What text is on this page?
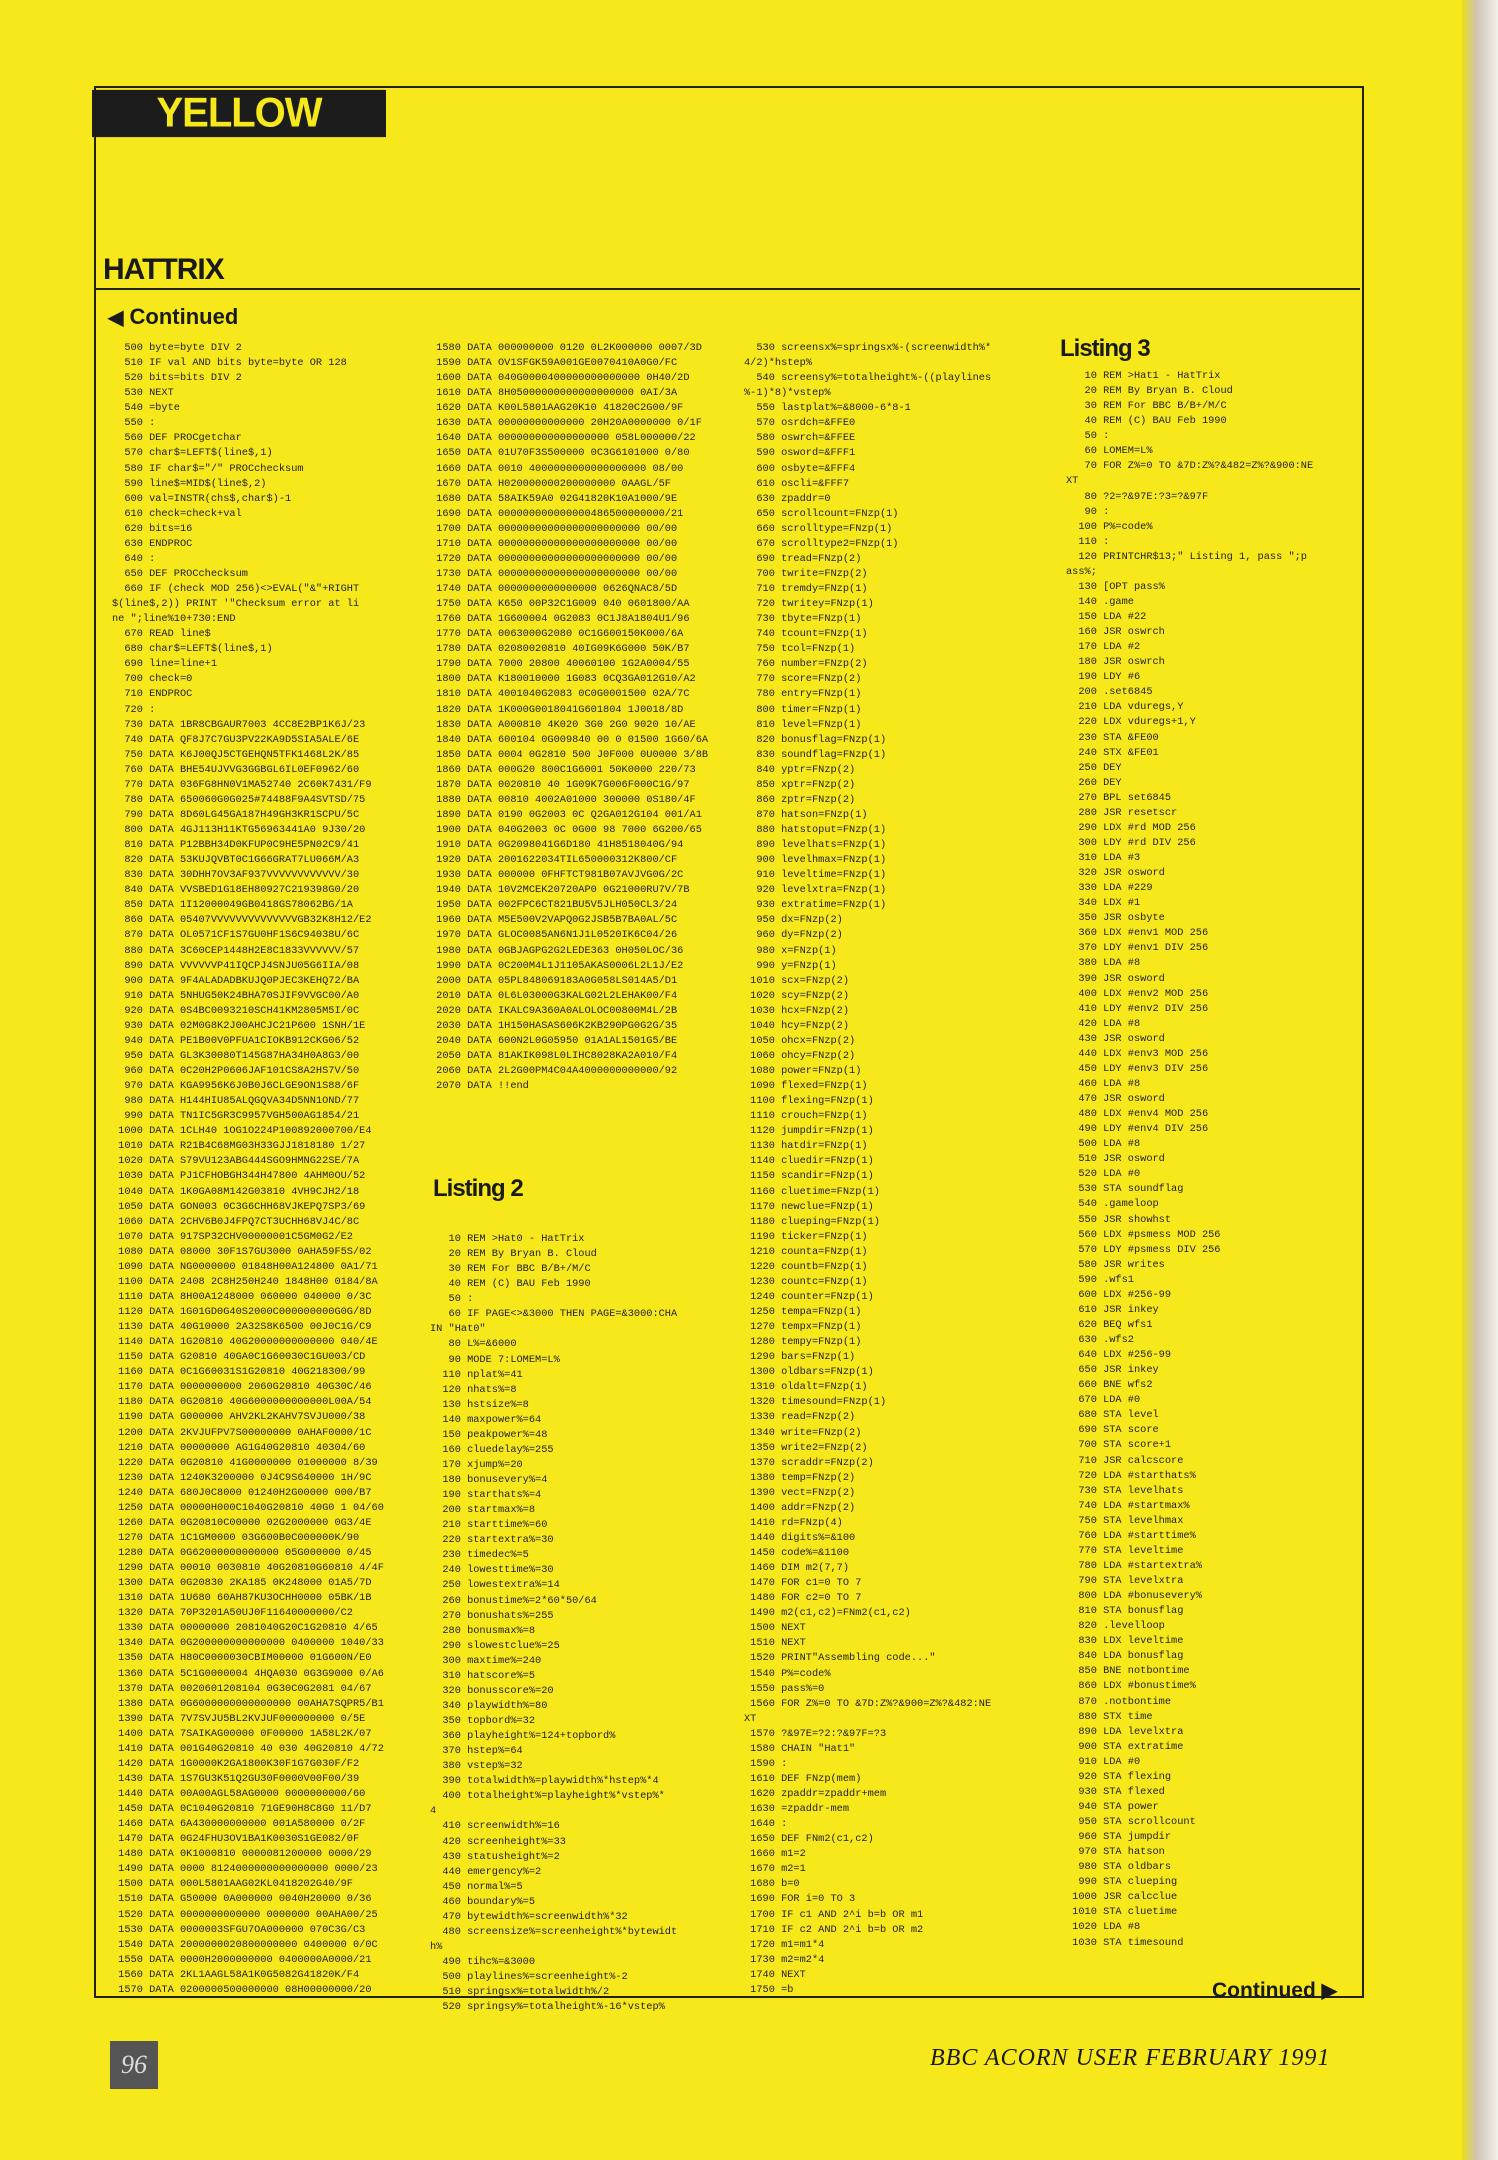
YELLOW PAGES
HATTRIX
◀ Continued
500 byte=byte DIV 2
510 IF val AND bits byte=byte OR 128
520 bits=bits DIV 2
530 NEXT
540 =byte
550 :
560 DEF PROCgetchar
570 char$=LEFT$(line$,1)
580 IF char$="/" PROCchecksum
590 line$=MID$(line$,2)
600 val=INSTR(chs$,char$)-1
610 check=check+val
620 bits=16
630 ENDPROC
640 :
650 DEF PROCchecksum
660 IF (check MOD 256)<>EVAL("&"+RIGHT
$(line$,2)) PRINT '"Checksum error at li
ne ";line%10+730:END
670 READ line$
680 char$=LEFT$(line$,1)
690 line=line+1
700 check=0
710 ENDPROC
720 :
730 DATA 1BR8CBGAUR7003 4CC8E2BP1K6J/23
740 DATA QF8J7C7GU3PV22KA9D5SIA5ALE/6E
750 DATA K6J00QJ5CTGEHQN5TFK1468L2K/85
760 DATA BHE54UJVVG3GGBGL6IL0EF0962/60
770 DATA 036FG8HN0V1MA52740 2C60K7431/F9
780 DATA 650060G0G025#74488F9A4SVTSD/75
790 DATA 8D60LG45GA187H49GH3KR1SCPU/5C
800 DATA 4GJ113H11KTG56963441A0 9J30/20
810 DATA P12BBH34D0KFUP0C9HE5PN02C9/41
820 DATA 53KUJQVBT0C1G66GRAT7LU066M/A3
830 DATA 30DHH7OV3AF937VVVVVVVVVVVV/30
840 DATA VVSBED1G18EH80927C219398G0/20
850 DATA 1I12000049GB0418GS78062BG/1A
860 DATA 05407VVVVVVVVVVVVVVGB32K8H12/E2
870 DATA OL0571CF1S7GU0HF1S6C94038U/6C
880 DATA 3C60CEP1448H2E8C1833VVVVVV/57
890 DATA VVVVVVP41IQCPJ4SNJU05G6IIA/08
900 DATA 9F4ALADADBKUJQ0PJEC3KEHQ72/BA
910 DATA 5NHUG50K24BHA70SJIF9VVGC00/A0
920 DATA 0S4BC0093210SCH41KM2805M5I/0C
930 DATA 02M0G8K2J00AHCJC21P600 1SNH/1E
940 DATA PE1B00V0PFUA1CIOKB912CKG06/52
950 DATA GL3K30080T145G87HA34H0A8G3/00
960 DATA 0C20H2P0606JAF101CS8A2HS7V/50
970 DATA KGA9956K6J0B0J6CLGE9ON1S88/6F
980 DATA H144HIU85ALQGQVA34D5NN1OND/77
990 DATA TN1IC5GR3C9957VGH500AG1854/21
1000 DATA 1CLH40 1OG1O224P100892000700/E4
1010 DATA R21B4C68MG03H33GJJ1818180 1/27
1020 DATA S79VU123ABG444SGO9HMNG22SE/7A
1030 DATA PJ1CFHOBGH344H47800 4AHM0OU/52
1040 DATA 1K0GA08M142G03810 4VH9CJH2/18
1050 DATA GON003 0C3G6CHH68VJKEPQ7SP3/69
1060 DATA 2CHV6B0J4FPQ7CT3UCHH68VJ4C/8C
1070 DATA 917SP32CHV00000001C5GM0G2/E2
1080 DATA 08000 30F1S7GU3000 0AHA59F5S/02
1090 DATA NG0000000 01848H00A124800 0A1/71
1100 DATA 2408 2C8H250H240 1848H00 0184/8A
1110 DATA 8H00A1248000 060000 040000 0/3C
1120 DATA 1G01GD0G40S2000C000000000G0G/8D
1130 DATA 40G10000 2A32S8K6500 00J0C1G/C9
1140 DATA 1G20810 40G20000000000000 040/4E
1150 DATA G20810 40GA0C1G60030C1GU003/CD
1160 DATA 0C1G60031S1G20810 40G218300/99
1170 DATA 0000000000 2060G20810 40G30C/46
1180 DATA 0G20810 40G6000000000000L00A/54
1190 DATA G000000 AHV2KL2KAHV7SVJU000/38
1200 DATA 2KVJUFPV7S00000000 0AHAF0000/1C
1210 DATA 00000000 AG1G40G20810 40304/60
1220 DATA 0G20810 41G0000000 01000000 8/39
1230 DATA 1240K3200000 0J4C9S640000 1H/9C
1240 DATA 680J0C8000 01240H2G00000 000/B7
1250 DATA 00000H000C1040G20810 40G0 1 04/60
1260 DATA 0G20810C00000 02G2000000 0G3/4E
1270 DATA 1C1GM0000 03G600B0C000000K/90
1280 DATA 0G62000000000000 05G000000 0/45
1290 DATA 00010 0030810 40G20810G60810 4/4F
1300 DATA 0G20830 2KA185 0K248000 01A5/7D
1310 DATA 1U680 60AH87KU3OCHH0000 05BK/1B
1320 DATA 70P3201A50UJ0F11640000000/C2
1330 DATA 00000000 2081040G20C1G20810 4/65
1340 DATA 0G200000000000000 0400000 1040/33
1350 DATA H80C0000030CBIM00000 01G600N/E0
1360 DATA 5C1G0000004 4HQA030 0G3G9000 0/A6
1370 DATA 0020601208104 0G30C0G2081 04/67
1380 DATA 0G6000000000000000 00AHA7SQPR5/B1
1390 DATA 7V7SVJU5BL2KVJUF000000000 0/5E
1400 DATA 7SAIKAG00000 0F00000 1A58L2K/07
1410 DATA 001G40G20810 40 030 40G20810 4/72
1420 DATA 1G0000K2GA1800K30F1G7G030F/F2
1430 DATA 1S7GU3K51Q2GU30F0000V00F00/39
1440 DATA 00A00AGL58AG0000 0000000000/60
1450 DATA 0C1040G20810 71GE90H8C8G0 11/D7
1460 DATA 6A430000000000 001A580000 0/2F
1470 DATA 0G24FHU3OV1BA1K0030S1GE082/0F
1480 DATA 0K1000810 0000081200000 0000/29
1490 DATA 0000 8124000000000000000 0000/23
1500 DATA 000L5801AAG02KL0418202G40/9F
1510 DATA G50000 0A000000 0040H20000 0/36
1520 DATA 0000000000000 0000000 00AHA00/25
1530 DATA 0000003SFGU7OA000000 070C3G/C3
1540 DATA 2000000020800000000 0400000 0/0C
1550 DATA 0000H2000000000 0400000A0000/21
1560 DATA 2KL1AAGL58A1K0G5082G41820K/F4
1570 DATA 0200000500000000 08H00000000/20
1580 DATA 000000000 0120 0L2K000000 0007/3D
1590 DATA OV1SFGK59A001GE0070410A0G0/FC
1600 DATA 040G0000400000000000000 0H40/2D
1610 DATA 8H05000000000000000000 0AI/3A
1620 DATA K00L5801AAG20K10 41820C2G00/9F
1630 DATA 00000000000000 20H20A0000000 0/1F
1640 DATA 000000000000000000 058L000000/22
1650 DATA 01U70F3S500000 0C3G6101000 0/80
1660 DATA 0010 4000000000000000000 08/00
1670 DATA H020000000200000000 0AAGL/5F
1680 DATA 58AIK59A0 02G41820K10A1000/9E
1690 DATA 000000000000000486500000000/21
1700 DATA 00000000000000000000000 00/00
1710 DATA 00000000000000000000000 00/00
1720 DATA 00000000000000000000000 00/00
1730 DATA 00000000000000000000000 00/00
1740 DATA 0000000000000000 0626QNAC8/5D
1750 DATA K650 00P32C1G009 040 0601800/AA
1760 DATA 1G600004 0G2083 0C1J8A1804U1/96
1770 DATA 0063000G2080 0C1G600150K000/6A
1780 DATA 02080020810 40IG09K6G000 50K/B7
1790 DATA 7000 20800 40060100 1G2A0004/55
1800 DATA K180010000 1G083 0CQ3GA012G10/A2
1810 DATA 4001040G2083 0C0G0001500 02A/7C
1820 DATA 1K000G0018041G601804 1J0018/8D
1830 DATA A000810 4K020 3G0 2G0 9020 10/AE
1840 DATA 600104 0G009840 00 0 01500 1G60/6A
1850 DATA 0004 0G2810 500 J0F000 0U0000 3/8B
1860 DATA 000G20 800C1G6001 50K0000 220/73
1870 DATA 0020810 40 1G09K7G006F000C1G/97
1880 DATA 00810 4002A01000 300000 0S180/4F
1890 DATA 0190 0G2003 0C Q2GA012G104 001/A1
1900 DATA 040G2003 0C 0G00 98 7000 6G200/65
1910 DATA 0G2098041G6D180 41H8518040G/94
1920 DATA 2001622034TIL650000312K800/CF
1930 DATA 000000 0FHFTCT981B07AVJVG0G/2C
1940 DATA 10V2MCEK20720AP0 0G21000RU7V/7B
1950 DATA 002FPC6CT821BU5V5JLH050CL3/24
1960 DATA M5E500V2VAPQ0G2JSB5B7BA0AL/5C
1970 DATA GLOC0085AN6N1J1L0520IK6C04/26
1980 DATA 0GBJAGPG2G2LEDE363 0H050LOC/36
1990 DATA 0C200M4L1J1105AKAS0006L2L1J/E2
2000 DATA 05PL848069183A0G058LS014A5/D1
2010 DATA 0L6L03000G3KALG02L2LEHAK00/F4
2020 DATA IKALC9A360A0ALOLOC00800M4L/2B
2030 DATA 1H150HASAS606K2KB290PG0G2G/35
2040 DATA 600N2L0G05950 01A1AL1501G5/BE
2050 DATA 81AKIK098L0LIHC8028KA2A010/F4
2060 DATA 2L2G00PM4C04A4000000000000/92
2070 DATA !!end
Listing 2
10 REM >Hat0 - HatTrix
20 REM By Bryan B. Cloud
30 REM For BBC B/B+/M/C
40 REM (C) BAU Feb 1990
50 :
60 IF PAGE<>&3000 THEN PAGE=&3000:CHA
IN "Hat0"
80 L%=&6000
90 MODE 7:LOMEM=L%
110 nplat%=41
120 nhats%=8
130 hstsize%=8
140 maxpower%=64
150 peakpower%=48
160 cluedelay%=255
170 xjump%=20
180 bonusevery%=4
190 starthats%=4
200 startmax%=8
210 starttime%=60
220 startextra%=30
230 timedec%=5
240 lowesttime%=30
250 lowestextra%=14
260 bonustime%=2*60*50/64
270 bonushats%=255
280 bonusmax%=8
290 slowestclue%=25
300 maxtime%=240
310 hatscore%=5
320 bonusscore%=20
340 playwidth%=80
350 topbord%=32
360 playheight%=124+topbord%
370 hstep%=64
380 vstep%=32
390 totalwidth%=playwidth%*hstep%*4
400 totalheight%=playheight%*vstep%*
4
410 screenwidth%=16
420 screenheight%=33
430 statusheight%=2
440 emergency%=2
450 normal%=5
460 boundary%=5
470 bytewidth%=screenwidth%*32
480 screensize%=screenheight%*bytewidt
h%
490 tihc%=&3000
500 playlines%=screenheight%-2
510 springsx%=totalwidth%/2
520 springsy%=totalheight%-16*vstep%
530 screensx%=springsx%-(screenwidth%*
4/2)*hstep%
540 screensy%=totalheight%-((playlines
%-1)*8)*vstep%
550 lastplat%=&8000-6*8-1
570 osrdch=&FFE0
580 oswrch=&FFEE
590 osword=&FFF1
600 osbyte=&FFF4
610 oscli=&FFF7
630 zpaddr=0
650 scrollcount=FNzp(1)
660 scrolltype=FNzp(1)
670 scrolltype2=FNzp(1)
690 tread=FNzp(2)
700 twrite=FNzp(2)
710 tremdy=FNzp(1)
720 twritey=FNzp(1)
730 tbyte=FNzp(1)
740 tcount=FNzp(1)
750 tcol=FNzp(1)
760 number=FNzp(2)
770 score=FNzp(2)
780 entry=FNzp(1)
800 timer=FNzp(1)
810 level=FNzp(1)
820 bonusflag=FNzp(1)
830 soundflag=FNzp(1)
840 yptr=FNzp(2)
850 xptr=FNzp(2)
860 zptr=FNzp(2)
870 hatson=FNzp(1)
880 hatstoput=FNzp(1)
890 levelhats=FNzp(1)
900 levelhmax=FNzp(1)
910 leveltime=FNzp(1)
920 levelxtra=FNzp(1)
930 extratime=FNzp(1)
950 dx=FNzp(2)
960 dy=FNzp(2)
980 x=FNzp(1)
990 y=FNzp(1)
1010 scx=FNzp(2)
1020 scy=FNzp(2)
1030 hcx=FNzp(2)
1040 hcy=FNzp(2)
1050 ohcx=FNzp(2)
1060 ohcy=FNzp(2)
1080 power=FNzp(1)
1090 flexed=FNzp(1)
1100 flexing=FNzp(1)
1110 crouch=FNzp(1)
1120 jumpdir=FNzp(1)
1130 hatdir=FNzp(1)
1140 cluedir=FNzp(1)
1150 scandir=FNzp(1)
1160 cluetime=FNzp(1)
1170 newclue=FNzp(1)
1180 clueping=FNzp(1)
1190 ticker=FNzp(1)
1210 counta=FNzp(1)
1220 countb=FNzp(1)
1230 countc=FNzp(1)
1240 counter=FNzp(1)
1250 tempa=FNzp(1)
1270 tempx=FNzp(1)
1280 tempy=FNzp(1)
1290 bars=FNzp(1)
1300 oldbars=FNzp(1)
1310 oldalt=FNzp(1)
1320 timesound=FNzp(1)
1330 read=FNzp(2)
1340 write=FNzp(2)
1350 write2=FNzp(2)
1370 scraddr=FNzp(2)
1380 temp=FNzp(2)
1390 vect=FNzp(2)
1400 addr=FNzp(2)
1410 rd=FNzp(4)
1440 digits%=&100
1450 code%=&1100
1460 DIM m2(7,7)
1470 FOR c1=0 TO 7
1480 FOR c2=0 TO 7
1490 m2(c1,c2)=FNm2(c1,c2)
1500 NEXT
1510 NEXT
1520 PRINT"Assembling code..."
1540 P%=code%
1550 pass%=0
1560 FOR Z%=0 TO &7D:Z%?&900=Z%?&482:NE
XT
1570 ?&97E=?2:?&97F=?3
1580 CHAIN "Hat1"
1590 :
1610 DEF FNzp(mem)
1620 zpaddr=zpaddr+mem
1630 =zpaddr-mem
1640 :
1650 DEF FNm2(c1,c2)
1660 m1=2
1670 m2=1
1680 b=0
1690 FOR i=0 TO 3
1700 IF c1 AND 2^i b=b OR m1
1710 IF c2 AND 2^i b=b OR m2
1720 m1=m1*4
1730 m2=m2*4
1740 NEXT
1750 =b
Listing 3
10 REM >Hat1 - HatTrix
20 REM By Bryan B. Cloud
30 REM For BBC B/B+/M/C
40 REM (C) BAU Feb 1990
50 :
60 LOMEM=L%
70 FOR Z%=0 TO &7D:Z%?&482=Z%?&900:NE
XT
80 ?2=?&97E:?3=?&97F
90 :
100 P%=code%
110 :
120 PRINTCHR$13;" Listing 1, pass ";p
ass%;
130 [OPT pass%
140 .game
150 LDA #22
160 JSR oswrch
170 LDA #2
180 JSR oswrch
190 LDY #6
200 .set6845
210 LDA vduregs,Y
220 LDX vduregs+1,Y
230 STA &FE00
240 STX &FE01
250 DEY
260 DEY
270 BPL set6845
280 JSR resetscr
290 LDX #rd MOD 256
300 LDY #rd DIV 256
310 LDA #3
320 JSR osword
330 LDA #229
340 LDX #1
350 JSR osbyte
360 LDX #env1 MOD 256
370 LDY #env1 DIV 256
380 LDA #8
390 JSR osword
400 LDX #env2 MOD 256
410 LDY #env2 DIV 256
420 LDA #8
430 JSR osword
440 LDX #env3 MOD 256
450 LDY #env3 DIV 256
460 LDA #8
470 JSR osword
480 LDX #env4 MOD 256
490 LDY #env4 DIV 256
500 LDA #8
510 JSR osword
520 LDA #0
530 STA soundflag
540 .gameloop
550 JSR showhst
560 LDX #psmess MOD 256
570 LDY #psmess DIV 256
580 JSR writes
590 .wfs1
600 LDX #256-99
610 JSR inkey
620 BEQ wfs1
630 .wfs2
640 LDX #256-99
650 JSR inkey
660 BNE wfs2
670 LDA #0
680 STA level
690 STA score
700 STA score+1
710 JSR calcscore
720 LDA #starthats%
730 STA levelhats
740 LDA #startmax%
750 STA levelhmax
760 LDA #starttime%
770 STA leveltime
780 LDA #startextra%
790 STA levelxtra
800 LDA #bonusevery%
810 STA bonusflag
820 .levelloop
830 LDX leveltime
840 LDA bonusflag
850 BNE notbontime
860 LDX #bonustime%
870 .notbontime
880 STX time
890 LDA levelxtra
900 STA extratime
910 LDA #0
920 STA flexing
930 STA flexed
940 STA power
950 STA scrollcount
960 STA jumpdir
970 STA hatson
980 STA oldbars
990 STA clueping
1000 JSR calcclue
1010 STA cluetime
1020 LDA #8
1030 STA timesound
Continued ▶
96	BBC ACORN USER FEBRUARY 1991
